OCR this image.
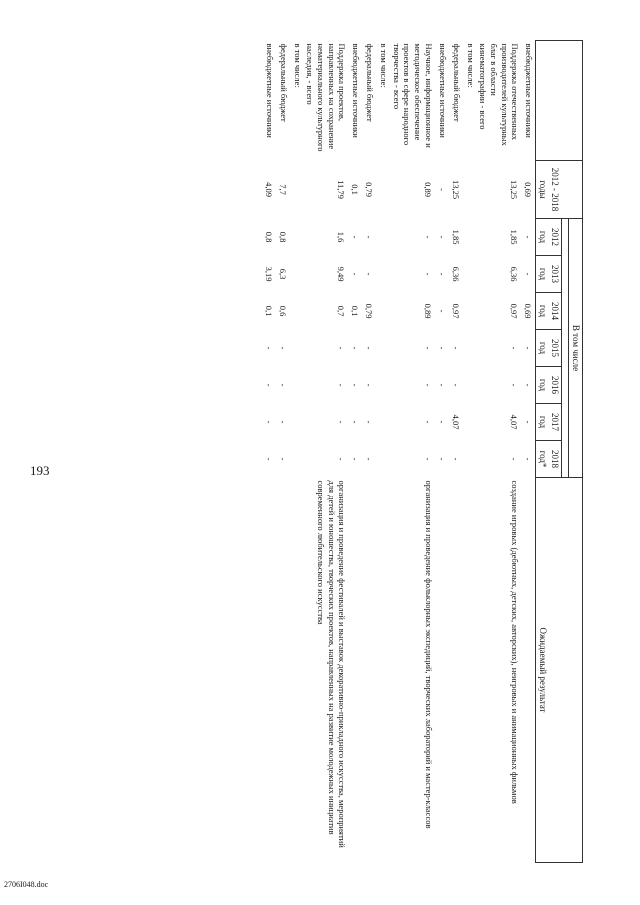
193
	2012 - 2018 годы	В том числе							Ожидаемый результат

		2012 год	2013 год	2014 год	2015 год	2016 год	2017 год	2018 год*	
внебюджетные источники	0,69	-	-	0,69	-	-	-	-	
Поддержка отечественных производителей культурных благ в области кинематографии - всего	13,25	1,85	6,36	0,97	-	-	4,07	-	создание игровых (дебютных, детских, авторских), неигровых и анимационных фильмов
в том числе:									
федеральный бюджет	13,25	1,85	6,36	0,97	-	-	4,07	-	
внебюджетные источники	-	-	-	-	-	-	-	-	
Научное, информационное и методическое обеспечение проектов в сфере народного творчества - всего	0,89	-	-	0,89	-	-	-	-	организация и проведение фольклорных экспедиций, творческих лабораторий и мастер-классов
в том числе:									
федеральный бюджет	0,79	-	-	0,79	-	-	-	-	
внебюджетные источники	0,1	-	-	0,1	-	-	-	-	
Поддержка проектов, направленных на сохранение нематериального культурного наследия, - всего	11,79	1,6	9,49	0,7	-	-	-	-	организация и проведение фестивалей и выставок декоративно-прикладного искусства, мероприятий для детей и юношества, творческих проектов, направленных на развитие молодежных инициатив современного любительского искусства
в том числе:									
федеральный бюджет	7,7	0,8	6,3	0,6	-	-	-	-	
внебюджетные источники	4,09	0,8	3,19	0,1	-	-	-	-	
2706I048.doc
